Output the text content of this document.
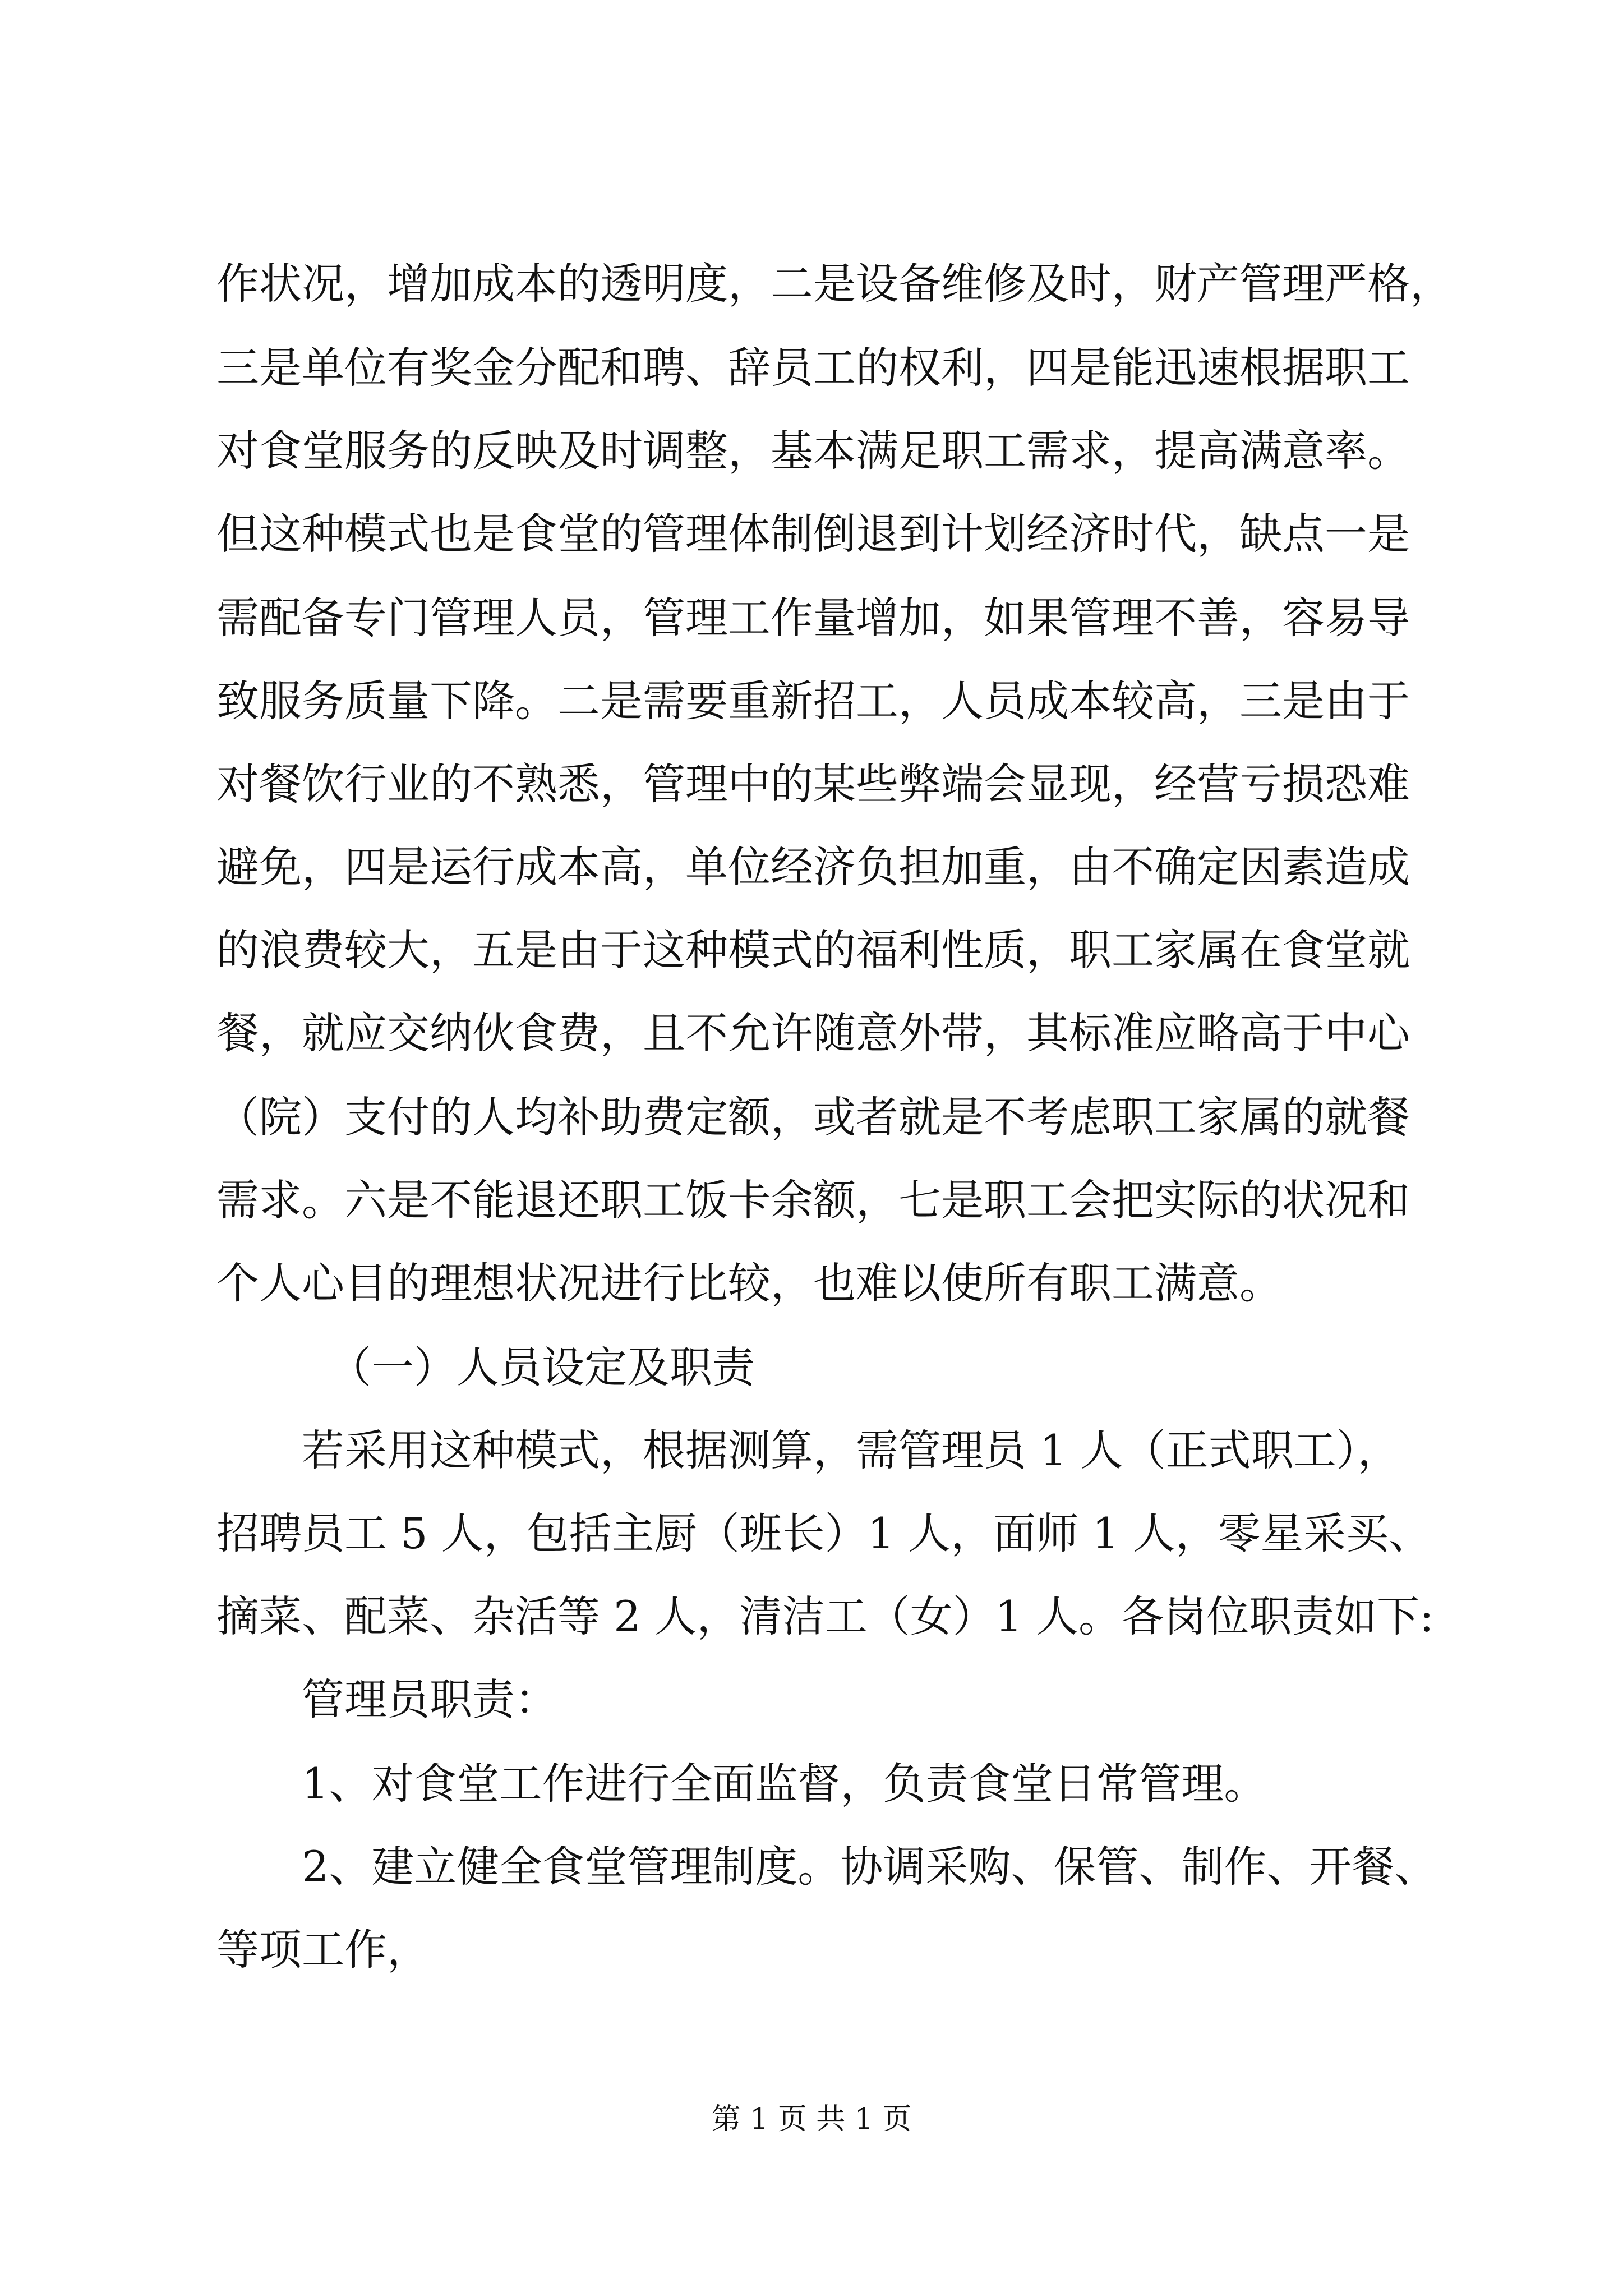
作状况，增加成本的透明度，二是设备维修及时，财产管理严格，
三是单位有奖金分配和聘、辞员工的权利，四是能迅速根据职工
对食堂服务的反映及时调整，基本满足职工需求，提高满意率。
但这种模式也是食堂的管理体制倒退到计划经济时代，缺点一是
需配备专门管理人员，管理工作量增加，如果管理不善，容易导
致服务质量下降。二是需要重新招工，人员成本较高，三是由于
对餐饮行业的不熟悉，管理中的某些弊端会显现，经营亏损恐难
避免，四是运行成本高，单位经济负担加重，由不确定因素造成
的浪费较大，五是由于这种模式的福利性质，职工家属在食堂就
餐，就应交纳伙食费，且不允许随意外带，其标准应略高于中心
（院）支付的人均补助费定额，或者就是不考虑职工家属的就餐
需求。六是不能退还职工饭卡余额，七是职工会把实际的状况和
个人心目的理想状况进行比较，也难以使所有职工满意。
（一）人员设定及职责
若采用这种模式，根据测算，需管理员 1 人（正式职工），
招聘员工 5 人，包括主厨（班长）1 人，面师 1 人，零星采买、
摘菜、配菜、杂活等 2 人，清洁工（女）1 人。各岗位职责如下:
管理员职责：
1、对食堂工作进行全面监督，负责食堂日常管理。
2、建立健全食堂管理制度。协调采购、保管、制作、开餐、
等项工作，
第 1 页 共 1 页
